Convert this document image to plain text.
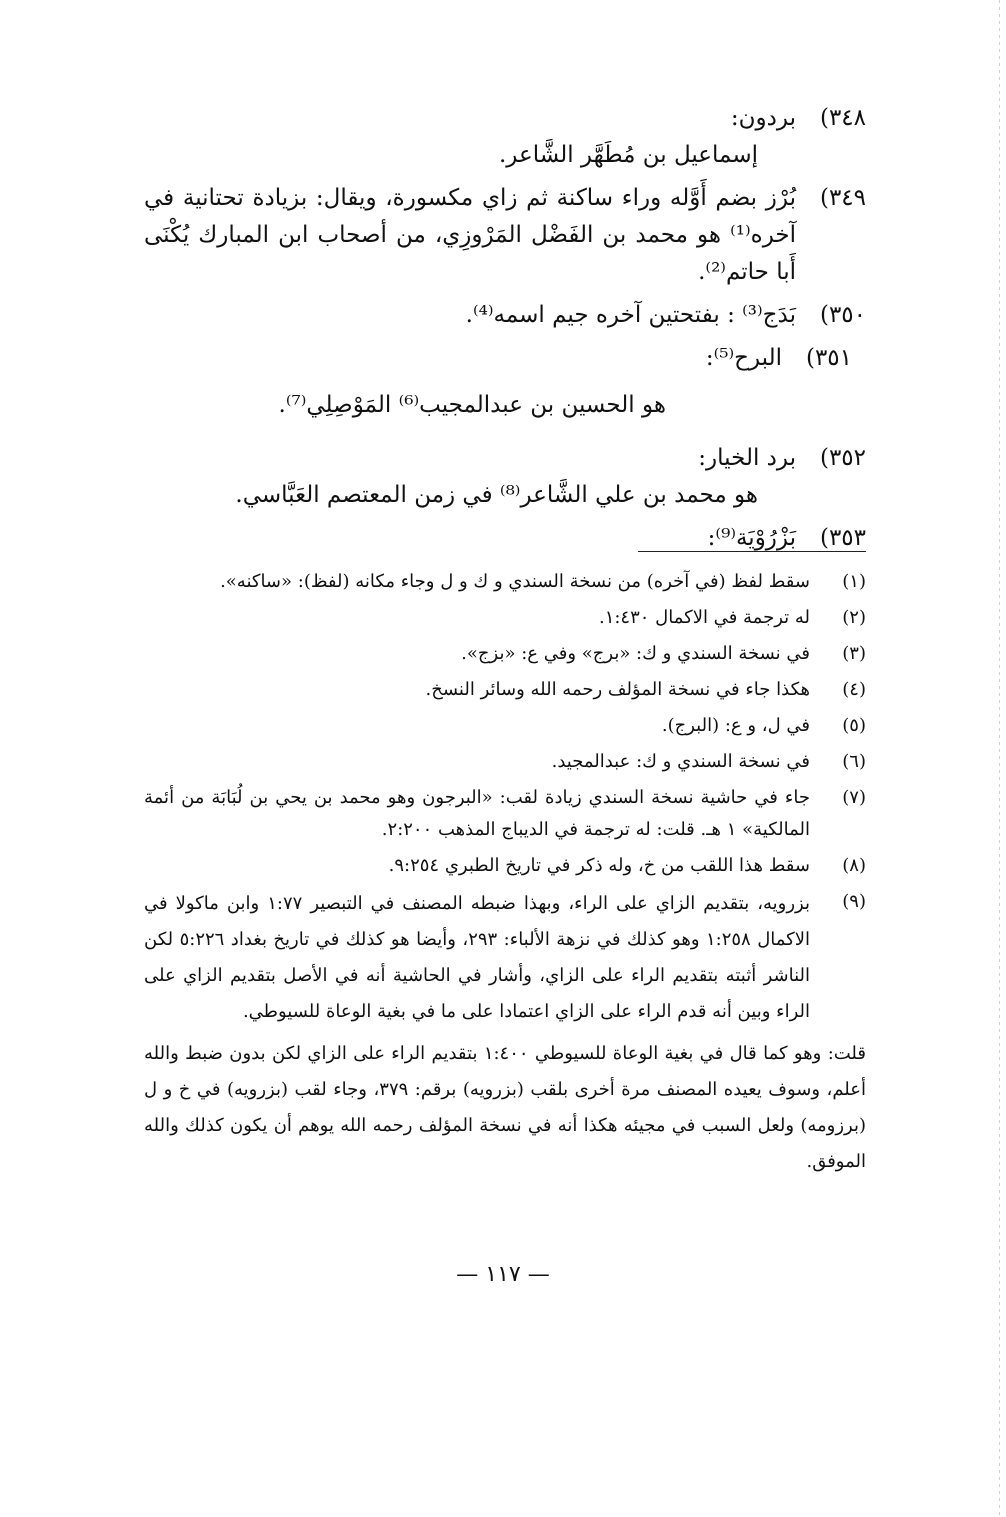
٣٤٨)
بردون:
إسماعيل بن مُطَهَّر الشَّاعر.
٣٤٩)
بُرْز بضم أَوَّله وراء ساكنة ثم زاي مكسورة، ويقال: بزيادة تحتانية في آخره⁽¹⁾ هو محمد بن الفَضْل المَرْوزِي، من أصحاب ابن المبارك يُكْنَى أَبا حاتم⁽²⁾.
٣٥٠)
بَدَج⁽³⁾ : بفتحتين آخره جيم اسمه⁽⁴⁾.
٣٥١)
البرح⁽⁵⁾:
هو الحسين بن عبدالمجيب⁽⁶⁾ المَوْصِلِي⁽⁷⁾.
٣٥٢)
برد الخيار:
هو محمد بن علي الشَّاعر⁽⁸⁾ في زمن المعتصم العَبَّاسي.
٣٥٣)
بَزْرُوْيَة⁽⁹⁾:
(١)
سقط لفظ (في آخره) من نسخة السندي و ك و ل وجاء مكانه (لفظ): «ساكنه».
(٢)
له ترجمة في الاكمال ١:٤٣٠.
(٣)
في نسخة السندي و ك: «برج» وفي ع: «بزج».
(٤)
هكذا جاء في نسخة المؤلف رحمه الله وسائر النسخ.
(٥)
في ل، و ع: (البرج).
(٦)
في نسخة السندي و ك: عبدالمجيد.
(٧)
جاء في حاشية نسخة السندي زيادة لقب: «البرجون وهو محمد بن يحي بن لُبَابَة من أئمة المالكية» ١ هـ. قلت: له ترجمة في الديباج المذهب ٢:٢٠٠.
(٨)
سقط هذا اللقب من خ، وله ذكر في تاريخ الطبري ٩:٢٥٤.
(٩)
بزرويه، بتقديم الزاي على الراء، وبهذا ضبطه المصنف في التبصير ١:٧٧ وابن ماكولا في الاكمال ١:٢٥٨ وهو كذلك في نزهة الألباء: ٢٩٣، وأيضا هو كذلك في تاريخ بغداد ٥:٢٢٦ لكن الناشر أثبته بتقديم الراء على الزاي، وأشار في الحاشية أنه في الأصل بتقديم الزاي على الراء وبين أنه قدم الراء على الزاي اعتمادا على ما في بغية الوعاة للسيوطي.
قلت: وهو كما قال في بغية الوعاة للسيوطي ١:٤٠٠ بتقديم الراء على الزاي لكن بدون ضبط والله أعلم، وسوف يعيده المصنف مرة أخرى بلقب (بزرويه) برقم: ٣٧٩، وجاء لقب (بزرويه) في خ و ل (برزومه) ولعل السبب في مجيئه هكذا أنه في نسخة المؤلف رحمه الله يوهم أن يكون كذلك والله الموفق.
— ١١٧ —
